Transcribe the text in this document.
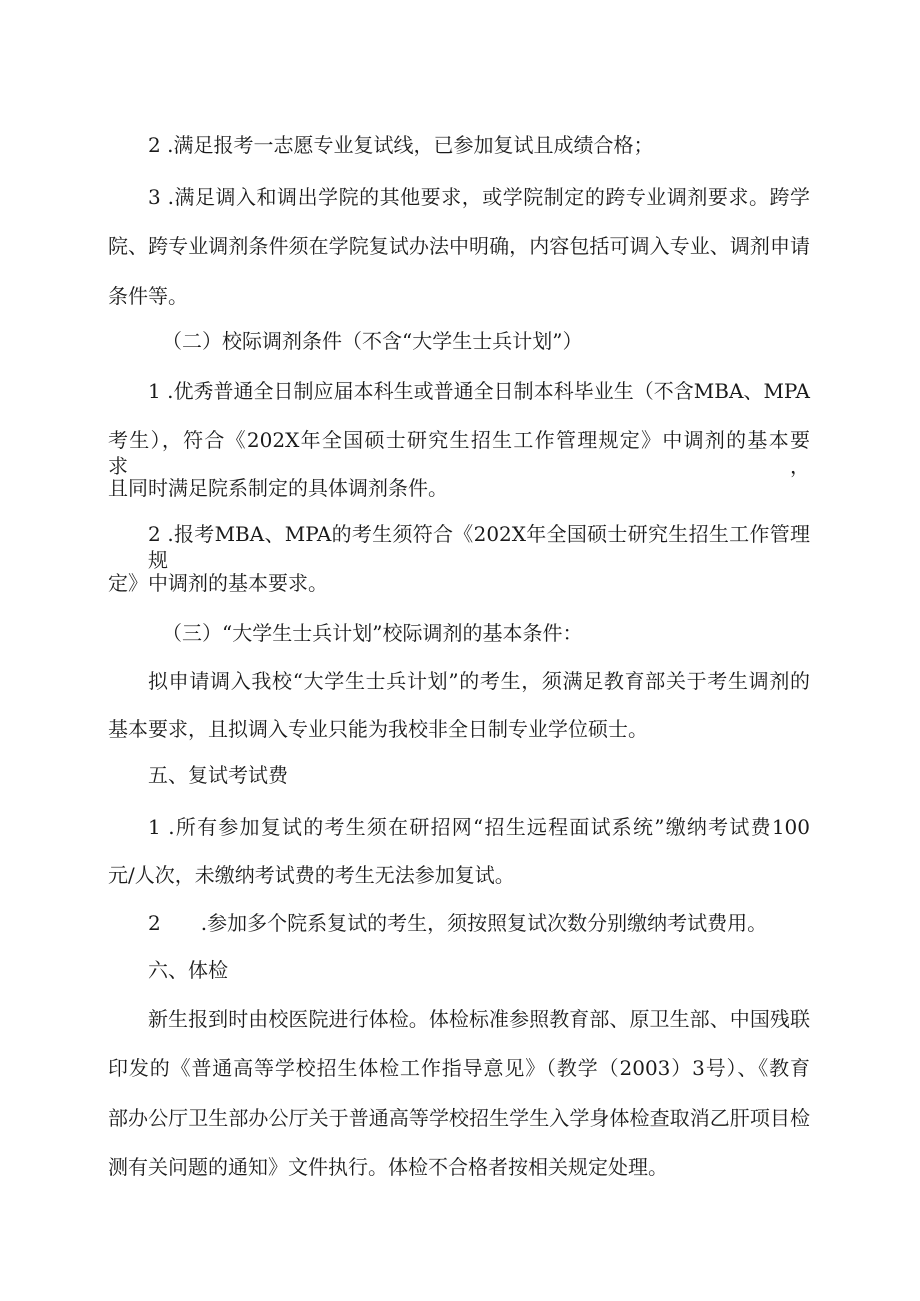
2 .满足报考一志愿专业复试线，已参加复试且成绩合格；

3 .满足调入和调出学院的其他要求，或学院制定的跨专业调剂要求。跨学

院、跨专业调剂条件须在学院复试办法中明确，内容包括可调入专业、调剂申请

条件等。

（二）校际调剂条件（不含“大学生士兵计划”）

1 .优秀普通全日制应届本科生或普通全日制本科毕业生（不含MBA、MPA

考生），符合《202X年全国硕士研究生招生工作管理规定》中调剂的基本要求，

且同时满足院系制定的具体调剂条件。

2 .报考MBA、MPA的考生须符合《202X年全国硕士研究生招生工作管理规

定》中调剂的基本要求。

（三）“大学生士兵计划”校际调剂的基本条件：

拟申请调入我校“大学生士兵计划”的考生，须满足教育部关于考生调剂的

基本要求，且拟调入专业只能为我校非全日制专业学位硕士。

五、复试考试费

1 .所有参加复试的考生须在研招网“招生远程面试系统”缴纳考试费100

元/人次，未缴纳考试费的考生无法参加复试。

2　　.参加多个院系复试的考生，须按照复试次数分别缴纳考试费用。

六、体检

新生报到时由校医院进行体检。体检标准参照教育部、原卫生部、中国残联

印发的《普通高等学校招生体检工作指导意见》（教学（2003）3号）、《教育

部办公厅卫生部办公厅关于普通高等学校招生学生入学身体检查取消乙肝项目检

测有关问题的通知》文件执行。体检不合格者按相关规定处理。
